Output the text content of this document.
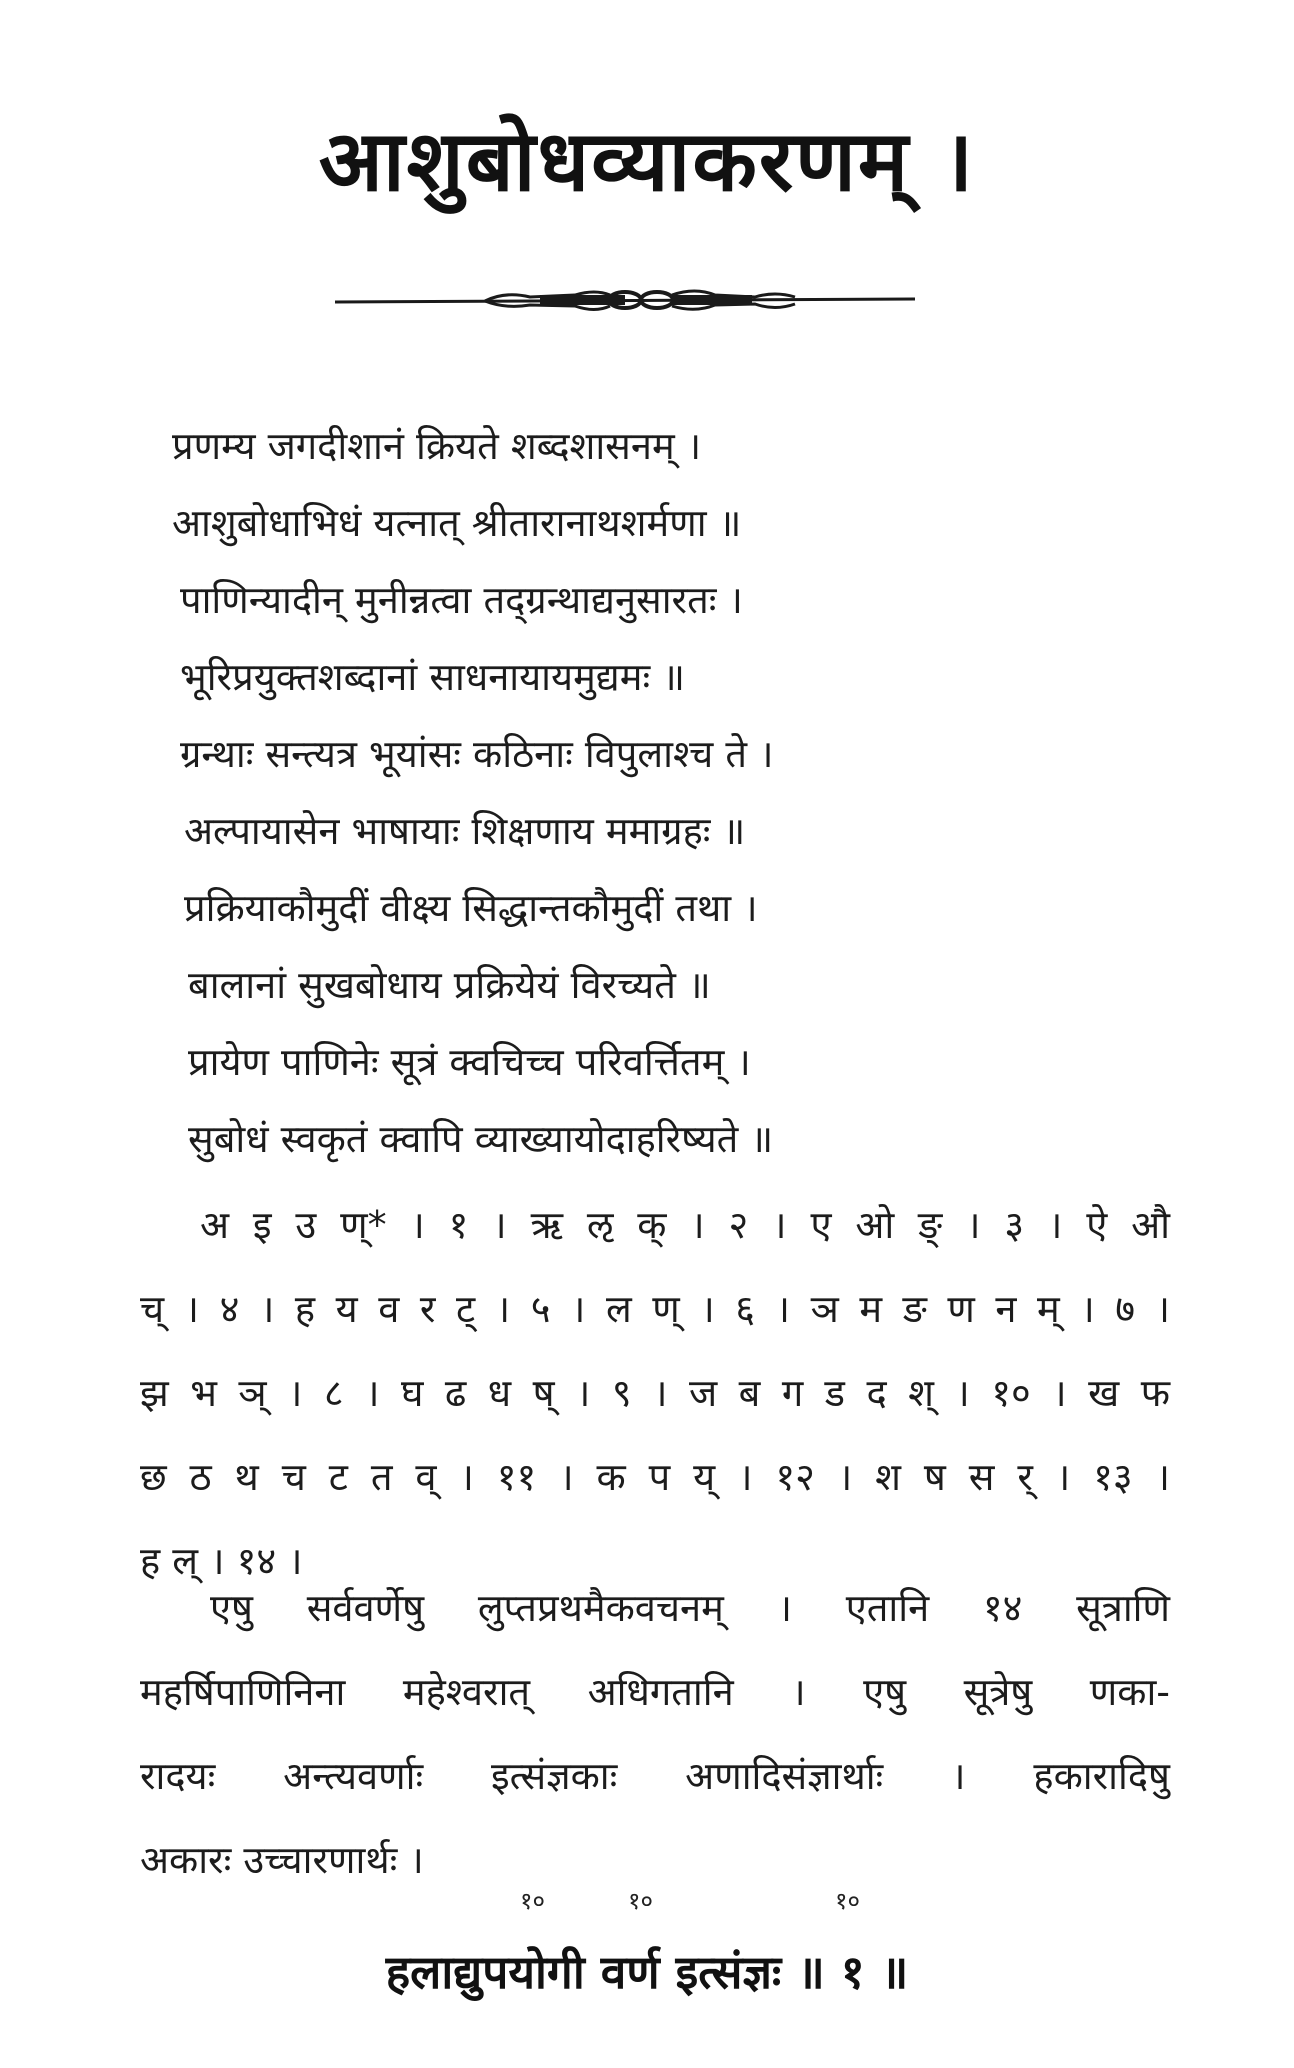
आशुबोधव्याकरणम् ।
प्रणम्य जगदीशानं क्रियते शब्दशासनम् ।
आशुबोधाभिधं यत्नात् श्रीतारानाथशर्मणा ॥
पाणिन्यादीन् मुनीन्नत्वा तद्ग्रन्थाद्यनुसारतः ।
भूरिप्रयुक्तशब्दानां साधनायायमुद्यमः ॥
ग्रन्थाः सन्त्यत्र भूयांसः कठिनाः विपुलाश्च ते ।
अल्पायासेन भाषायाः शिक्षणाय ममाग्रहः ॥
प्रक्रियाकौमुदीं वीक्ष्य सिद्धान्तकौमुदीं तथा ।
बालानां सुखबोधाय प्रक्रियेयं विरच्यते ॥
प्रायेण पाणिनेः सूत्रं क्वचिच्च परिवर्त्तितम् ।
सुबोधं स्वकृतं क्वापि व्याख्यायोदाहरिष्यते ॥
अ इ उ ण्* । १ । ऋ ऌ क् । २ । ए ओ ङ् । ३ । ऐ औ
च् । ४ । ह य व र ट् । ५ । ल ण् । ६ । ञ म ङ ण न म् । ७ ।
झ भ ञ् । ८ । घ ढ ध ष् । ९ । ज ब ग ड द श् । १० । ख फ
छ ठ थ च ट त व् । ११ । क प य् । १२ । श ष स र् । १३ ।
ह ल् । १४ ।
एषु सर्ववर्णेषु लुप्तप्रथमैकवचनम् । एतानि १४ सूत्राणि
महर्षिपाणिनिना महेश्वरात् अधिगतानि । एषु सूत्रेषु णका-
रादयः अन्त्यवर्णाः इत्संज्ञकाः अणादिसंज्ञार्थाः । हकारादिषु
अकारः उच्चारणार्थः ।
१०	१०	१०
हलाद्युपयोगी वर्ण इत्संज्ञः ॥ १ ॥
